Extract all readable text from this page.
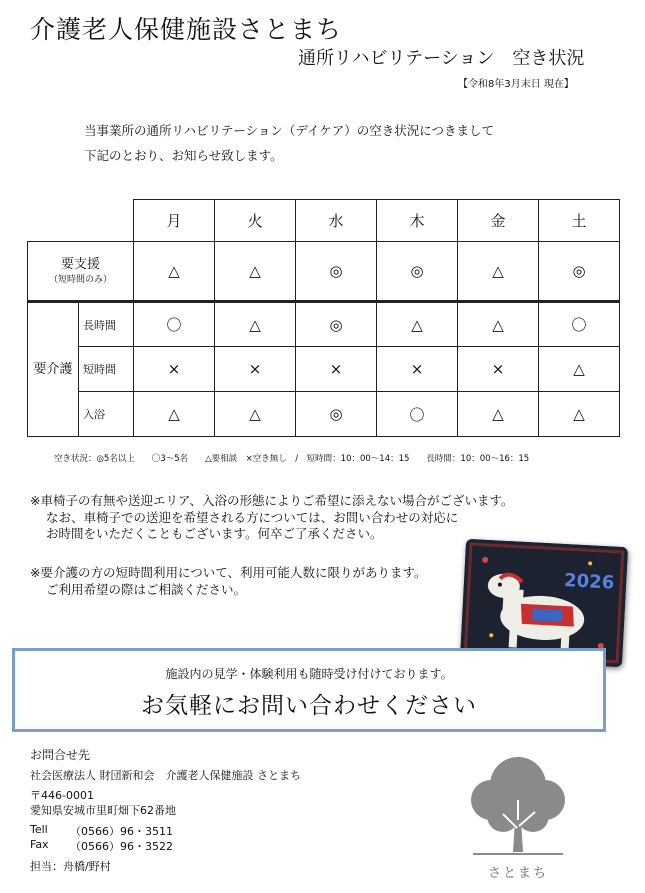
介護老人保健施設さとまち
通所リハビリテーション　空き状況
【令和8年3月末日 現在】
当事業所の通所リハビリテーション（デイケア）の空き状況につきまして
下記のとおり、お知らせ致します。
		月	火	水	木	金	土

要支援
（短時間のみ）		△	△	◎	◎	△	◎
要介護	長時間	〇	△	◎	△	△	〇
	短時間	×	×	×	×	×	△
	入浴	△	△	◎	〇	△	△
空き状況：◎5名以上　　〇3～5名　　△要相談　×空き無し　/　短時間：10：00～14：15　　長時間：10：00～16：15
※車椅子の有無や送迎エリア、入浴の形態によりご希望に添えない場合がございます。
なお、車椅子での送迎を希望される方については、お問い合わせの対応に
お時間をいただくこともございます。何卒ご了承ください。
※要介護の方の短時間利用について、利用可能人数に限りがあります。
ご利用希望の際はご相談ください。	2026
施設内の見学・体験利用も随時受け付けております。
お気軽にお問い合わせください
お問合せ先
社会医療法人 財団新和会　介護老人保健施設 さとまち
〒446-0001
愛知県安城市里町畑下62番地
Tell （0566）96・3511
Fax （0566）96・3522
担当：舟橋/野村	さとまち
